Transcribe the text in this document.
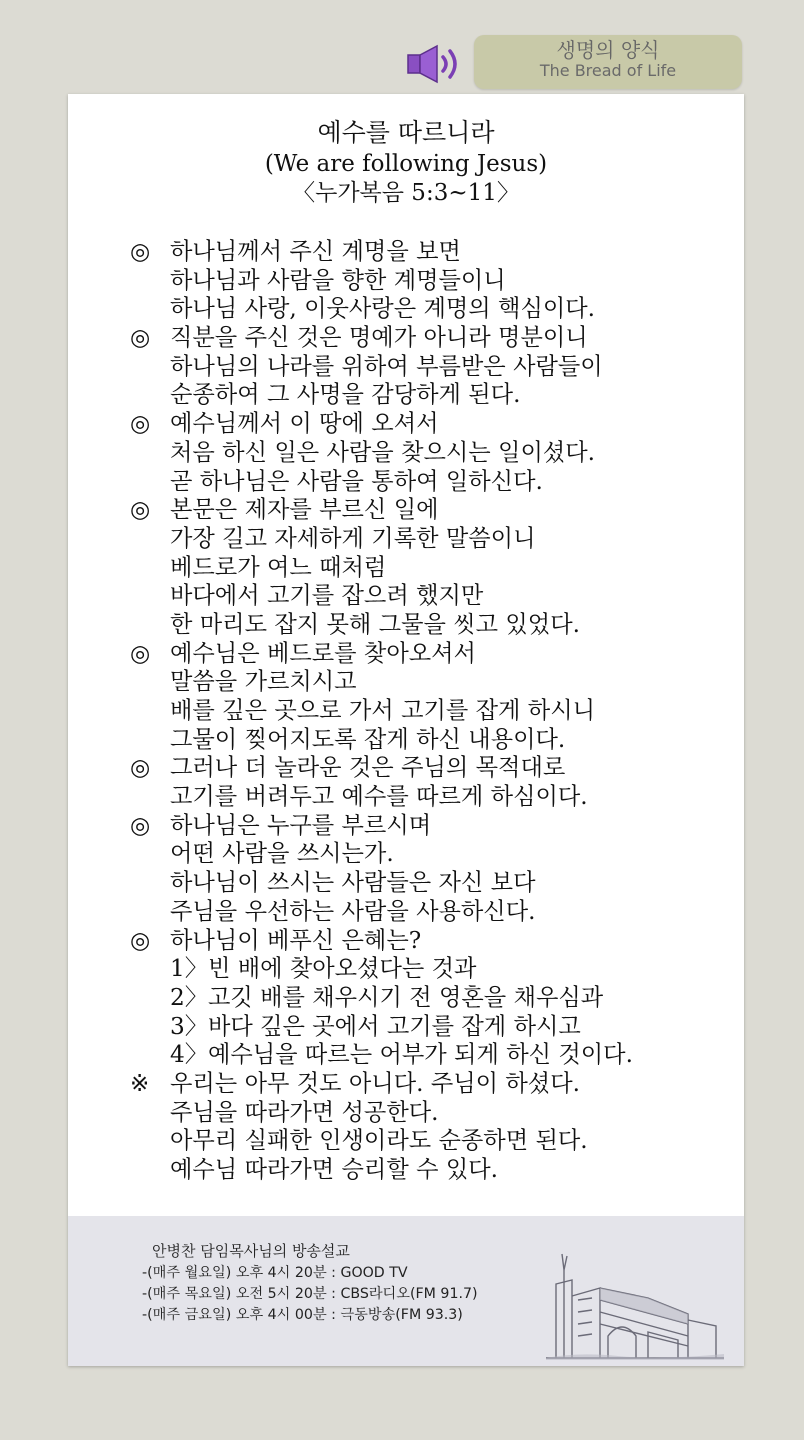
생명의 양식
The Bread of Life
예수를 따르니라
(We are following Jesus)
〈누가복음 5:3~11〉
◎ 하나님께서 주신 계명을 보면
하나님과 사람을 향한 계명들이니
하나님 사랑, 이웃사랑은 계명의 핵심이다.
◎ 직분을 주신 것은 명예가 아니라 명분이니
하나님의 나라를 위하여 부름받은 사람들이
순종하여 그 사명을 감당하게 된다.
◎ 예수님께서 이 땅에 오셔서
처음 하신 일은 사람을 찾으시는 일이셨다.
곧 하나님은 사람을 통하여 일하신다.
◎ 본문은 제자를 부르신 일에
가장 길고 자세하게 기록한 말씀이니
베드로가 여느 때처럼
바다에서 고기를 잡으려 했지만
한 마리도 잡지 못해 그물을 씻고 있었다.
◎ 예수님은 베드로를 찾아오셔서
말씀을 가르치시고
배를 깊은 곳으로 가서 고기를 잡게 하시니
그물이 찢어지도록 잡게 하신 내용이다.
◎ 그러나 더 놀라운 것은 주님의 목적대로
고기를 버려두고 예수를 따르게 하심이다.
◎ 하나님은 누구를 부르시며
어떤 사람을 쓰시는가.
하나님이 쓰시는 사람들은 자신 보다
주님을 우선하는 사람을 사용하신다.
◎ 하나님이 베푸신 은혜는?
1〉빈 배에 찾아오셨다는 것과
2〉고깃 배를 채우시기 전 영혼을 채우심과
3〉바다 깊은 곳에서 고기를 잡게 하시고
4〉예수님을 따르는 어부가 되게 하신 것이다.
※ 우리는 아무 것도 아니다. 주님이 하셨다.
주님을 따라가면 성공한다.
아무리 실패한 인생이라도 순종하면 된다.
예수님 따라가면 승리할 수 있다.
안병찬 담임목사님의 방송설교
-(매주 월요일) 오후 4시 20분 : GOOD TV
-(매주 목요일) 오전 5시 20분 : CBS라디오(FM 91.7)
-(매주 금요일) 오후 4시 00분 : 극동방송(FM 93.3)
